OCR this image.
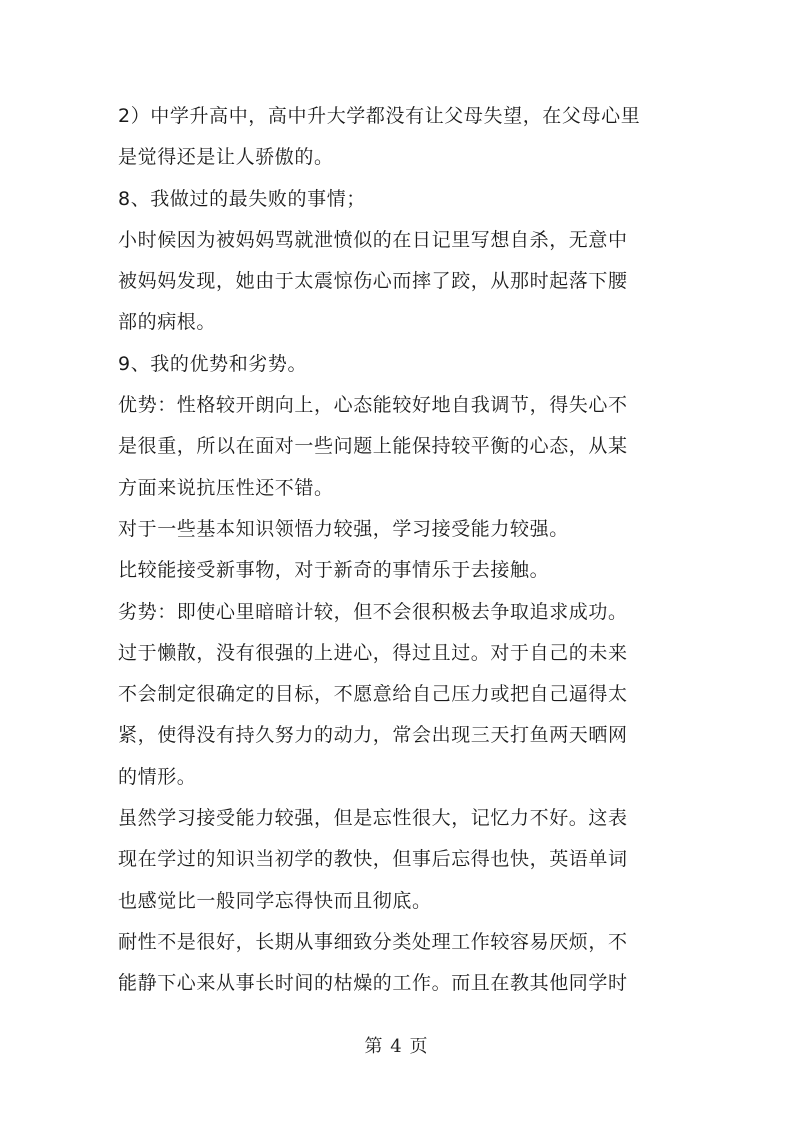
2）中学升高中，高中升大学都没有让父母失望，在父母心里
是觉得还是让人骄傲的。
8、我做过的最失败的事情；
小时候因为被妈妈骂就泄愤似的在日记里写想自杀，无意中
被妈妈发现，她由于太震惊伤心而摔了跤，从那时起落下腰
部的病根。
9、我的优势和劣势。
优势：性格较开朗向上，心态能较好地自我调节，得失心不
是很重，所以在面对一些问题上能保持较平衡的心态，从某
方面来说抗压性还不错。
对于一些基本知识领悟力较强，学习接受能力较强。
比较能接受新事物，对于新奇的事情乐于去接触。
劣势：即使心里暗暗计较，但不会很积极去争取追求成功。
过于懒散，没有很强的上进心，得过且过。对于自己的未来
不会制定很确定的目标，不愿意给自己压力或把自己逼得太
紧，使得没有持久努力的动力，常会出现三天打鱼两天晒网
的情形。
虽然学习接受能力较强，但是忘性很大，记忆力不好。这表
现在学过的知识当初学的教快，但事后忘得也快，英语单词
也感觉比一般同学忘得快而且彻底。
耐性不是很好，长期从事细致分类处理工作较容易厌烦，不
能静下心来从事长时间的枯燥的工作。而且在教其他同学时
第 4 页
